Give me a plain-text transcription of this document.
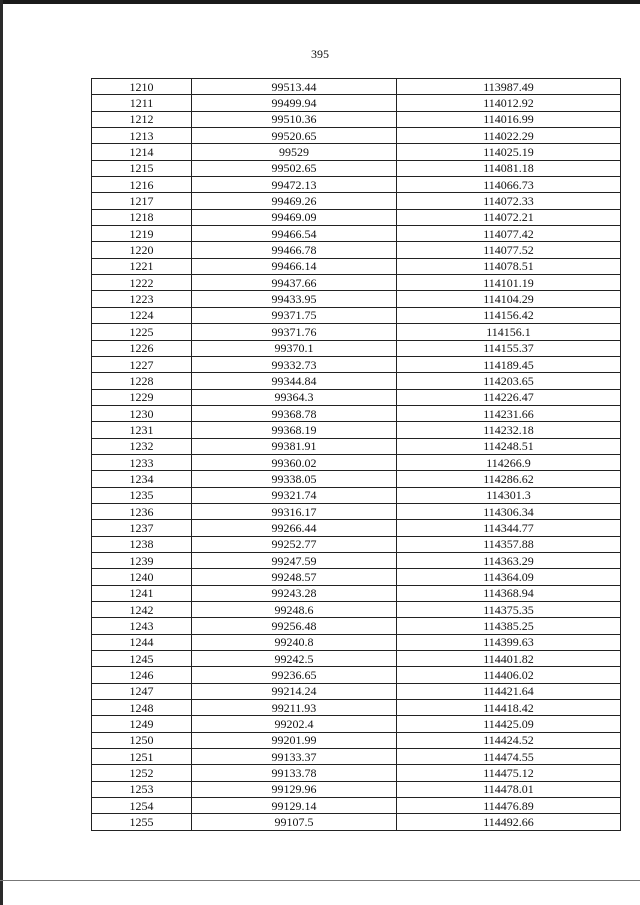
395
1210	99513.44	113987.49
1211	99499.94	114012.92
1212	99510.36	114016.99
1213	99520.65	114022.29
1214	99529	114025.19
1215	99502.65	114081.18
1216	99472.13	114066.73
1217	99469.26	114072.33
1218	99469.09	114072.21
1219	99466.54	114077.42
1220	99466.78	114077.52
1221	99466.14	114078.51
1222	99437.66	114101.19
1223	99433.95	114104.29
1224	99371.75	114156.42
1225	99371.76	114156.1
1226	99370.1	114155.37
1227	99332.73	114189.45
1228	99344.84	114203.65
1229	99364.3	114226.47
1230	99368.78	114231.66
1231	99368.19	114232.18
1232	99381.91	114248.51
1233	99360.02	114266.9
1234	99338.05	114286.62
1235	99321.74	114301.3
1236	99316.17	114306.34
1237	99266.44	114344.77
1238	99252.77	114357.88
1239	99247.59	114363.29
1240	99248.57	114364.09
1241	99243.28	114368.94
1242	99248.6	114375.35
1243	99256.48	114385.25
1244	99240.8	114399.63
1245	99242.5	114401.82
1246	99236.65	114406.02
1247	99214.24	114421.64
1248	99211.93	114418.42
1249	99202.4	114425.09
1250	99201.99	114424.52
1251	99133.37	114474.55
1252	99133.78	114475.12
1253	99129.96	114478.01
1254	99129.14	114476.89
1255	99107.5	114492.66
